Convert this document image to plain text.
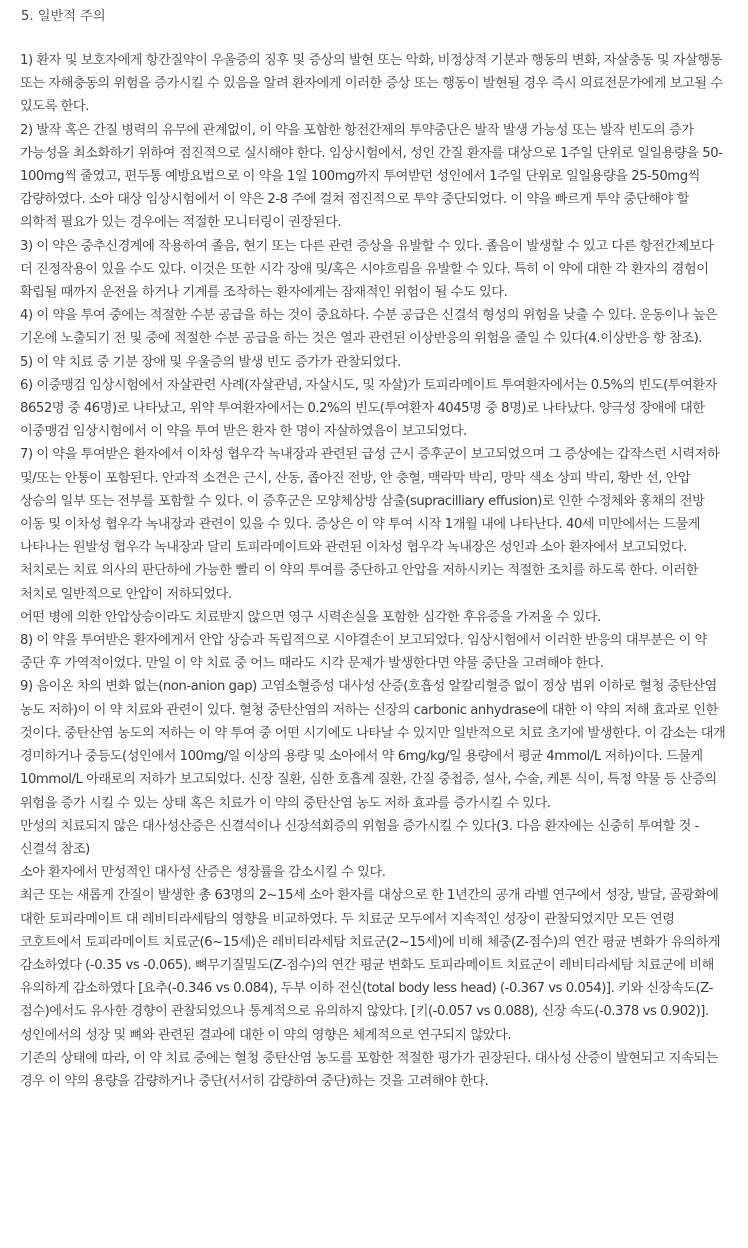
5. 일반적 주의

1) 환자 및 보호자에게 항간질약이 우울증의 징후 및 증상의 발현 또는 악화, 비정상적 기분과 행동의 변화, 자살충동 및 자살행동 또는 자해충동의 위험을 증가시킬 수 있음을 알려 환자에게 이러한 증상 또는 행동이 발현될 경우 즉시 의료전문가에게 보고될 수 있도록 한다.

2) 발작 혹은 간질 병력의 유무에 관계없이, 이 약을 포함한 항전간제의 투약중단은 발작 발생 가능성 또는 발작 빈도의 증가 가능성을 최소화하기 위하여 점진적으로 실시해야 한다. 임상시험에서, 성인 간질 환자를 대상으로 1주일 단위로 일일용량을 50-100mg씩 줄였고, 편두통 예방요법으로 이 약을 1일 100mg까지 투여받던 성인에서 1주일 단위로 일일용량을 25-50mg씩 감량하였다. 소아 대상 임상시험에서 이 약은 2-8 주에 걸쳐 점진적으로 투약 중단되었다. 이 약을 빠르게 투약 중단해야 할 의학적 필요가 있는 경우에는 적절한 모니터링이 권장된다.

3) 이 약은 중추신경계에 작용하여 졸음, 현기 또는 다른 관련 증상을 유발할 수 있다. 졸음이 발생할 수 있고 다른 항전간제보다 더 진정작용이 있을 수도 있다. 이것은 또한 시각 장애 및/혹은 시야흐림을 유발할 수 있다. 특히 이 약에 대한 각 환자의 경험이 확립될 때까지 운전을 하거나 기계를 조작하는 환자에게는 잠재적인 위험이 될 수도 있다.

4) 이 약을 투여 중에는 적절한 수분 공급을 하는 것이 중요하다. 수분 공급은 신결석 형성의 위험을 낮출 수 있다. 운동이나 높은 기온에 노출되기 전 및 중에 적절한 수분 공급을 하는 것은 열과 관련된 이상반응의 위험을 줄일 수 있다(4.이상반응 항 참조).

5) 이 약 치료 중 기분 장애 및 우울증의 발생 빈도 증가가 관찰되었다.

6) 이중맹검 임상시험에서 자살관련 사례(자살관념, 자살시도, 및 자살)가 토피라메이트 투여환자에서는 0.5%의 빈도(투여환자 8652명 중 46명)로 나타났고, 위약 투여환자에서는 0.2%의 빈도(투여환자 4045명 중 8명)로 나타났다. 양극성 장애에 대한 이중맹검 임상시험에서 이 약을 투여 받은 환자 한 명이 자살하였음이 보고되었다.

7) 이 약을 투여받은 환자에서 이차성 협우각 녹내장과 관련된 급성 근시 증후군이 보고되었으며 그 증상에는 갑작스런 시력저하 및/또는 안통이 포함된다. 안과적 소견은 근시, 산동, 좁아진 전방, 안 충혈, 맥락막 박리, 망막 색소 상피 박리, 황반 선, 안압 상승의 일부 또는 전부를 포함할 수 있다. 이 증후군은 모양체상방 삼출(supracilliary effusion)로 인한 수정체와 홍채의 전방 이동 및 이차성 협우각 녹내장과 관련이 있을 수 있다. 증상은 이 약 투여 시작 1개월 내에 나타난다. 40세 미만에서는 드물게 나타나는 원발성 협우각 녹내장과 달리 토피라메이트와 관련된 이차성 협우각 녹내장은 성인과 소아 환자에서 보고되었다. 처치로는 치료 의사의 판단하에 가능한 빨리 이 약의 투여를 중단하고 안압을 저하시키는 적절한 조치를 하도록 한다. 이러한 처치로 일반적으로 안압이 저하되었다.

어떤 병에 의한 안압상승이라도 치료받지 않으면 영구 시력손실을 포함한 심각한 후유증을 가져올 수 있다.

8) 이 약을 투여받은 환자에게서 안압 상승과 독립적으로 시야결손이 보고되었다. 임상시험에서 이러한 반응의 대부분은 이 약 중단 후 가역적이었다. 만일 이 약 치료 중 어느 때라도 시각 문제가 발생한다면 약물 중단을 고려해야 한다.

9) 음이온 차의 변화 없는(non-anion gap) 고염소혈증성 대사성 산증(호흡성 알칼리혈증 없이 정상 범위 이하로 혈청 중탄산염 농도 저하)이 이 약 치료와 관련이 있다. 혈청 중탄산염의 저하는 신장의 carbonic anhydrase에 대한 이 약의 저해 효과로 인한 것이다. 중탄산염 농도의 저하는 이 약 투여 중 어떤 시기에도 나타날 수 있지만 일반적으로 치료 초기에 발생한다. 이 감소는 대개 경미하거나 중등도(성인에서 100mg/일 이상의 용량 및 소아에서 약 6mg/kg/일 용량에서 평균 4mmol/L 저하)이다. 드물게 10mmol/L 아래로의 저하가 보고되었다. 신장 질환, 심한 호흡계 질환, 간질 중첩증, 설사, 수술, 케톤 식이, 특정 약물 등 산증의 위험을 증가 시킬 수 있는 상태 혹은 치료가 이 약의 중탄산염 농도 저하 효과를 증가시킬 수 있다.

만성의 치료되지 않은 대사성산증은 신결석이나 신장석회증의 위험을 증가시킬 수 있다(3. 다음 환자에는 신중히 투여할 것 - 신결석 참조)

소아 환자에서 만성적인 대사성 산증은 성장률을 감소시킬 수 있다.

최근 또는 새롭게 간질이 발생한 총 63명의 2~15세 소아 환자를 대상으로 한 1년간의 공개 라벨 연구에서 성장, 발달, 골광화에 대한 토피라메이트 대 레비티라세탐의 영향을 비교하였다. 두 치료군 모두에서 지속적인 성장이 관찰되었지만 모든 연령 코호트에서 토피라메이트 치료군(6~15세)은 레비티라세탐 치료군(2~15세)에 비해 체중(Z-점수)의 연간 평균 변화가 유의하게 감소하였다 (-0.35 vs -0.065). 뼈무기질밀도(Z-점수)의 연간 평균 변화도 토피라메이트 치료군이 레비티라세탐 치료군에 비해 유의하게 감소하였다 [요추(-0.346 vs 0.084), 두부 이하 전신(total body less head) (-0.367 vs 0.054)]. 키와 신장속도(Z-점수)에서도 유사한 경향이 관찰되었으나 통계적으로 유의하지 않았다. [키(-0.057 vs 0.088), 신장 속도(-0.378 vs 0.902)].

성인에서의 성장 및 뼈와 관련된 결과에 대한 이 약의 영향은 체계적으로 연구되지 않았다.

기존의 상태에 따라, 이 약 치료 중에는 혈청 중탄산염 농도를 포함한 적절한 평가가 권장된다. 대사성 산증이 발현되고 지속되는 경우 이 약의 용량을 감량하거나 중단(서서히 감량하여 중단)하는 것을 고려해야 한다.
